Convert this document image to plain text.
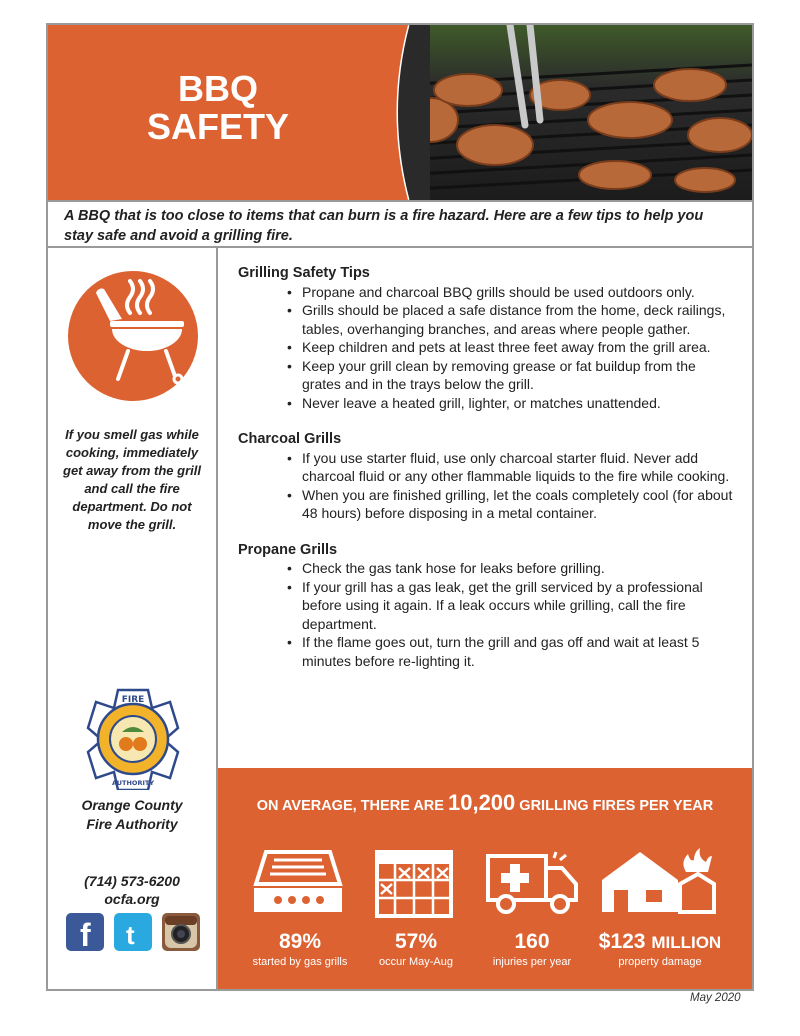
BBQ
SAFETY
A BBQ that is too close to items that can burn is a fire hazard. Here are a few tips to help you stay safe and avoid a grilling fire.
If you smell gas while cooking, immediately get away from the grill and call the fire department. Do not move the grill.
FIRE
AUTHORITY
Orange County
Fire Authority
(714) 573-6200
ocfa.org
f t

Grilling Safety Tips

• Propane and charcoal BBQ grills should be used outdoors only.
• Grills should be placed a safe distance from the home, deck railings, tables, overhanging branches, and areas where people gather.
• Keep children and pets at least three feet away from the grill area.
• Keep your grill clean by removing grease or fat buildup from the grates and in the trays below the grill.
• Never leave a heated grill, lighter, or matches unattended.

Charcoal Grills

• If you use starter fluid, use only charcoal starter fluid. Never add charcoal fluid or any other flammable liquids to the fire while cooking.
• When you are finished grilling, let the coals completely cool (for about 48 hours) before disposing in a metal container.

Propane Grills

• Check the gas tank hose for leaks before grilling.
• If your grill has a gas leak, get the grill serviced by a professional before using it again. If a leak occurs while grilling, call the fire department.
• If the flame goes out, turn the grill and gas off and wait at least 5 minutes before re-lighting it.
ON AVERAGE, THERE ARE 10,200 GRILLING FIRES PER YEAR
89%
started by gas grills
57%
occur May-Aug
160
injuries per year
$123 MILLION
property damage
May 2020
